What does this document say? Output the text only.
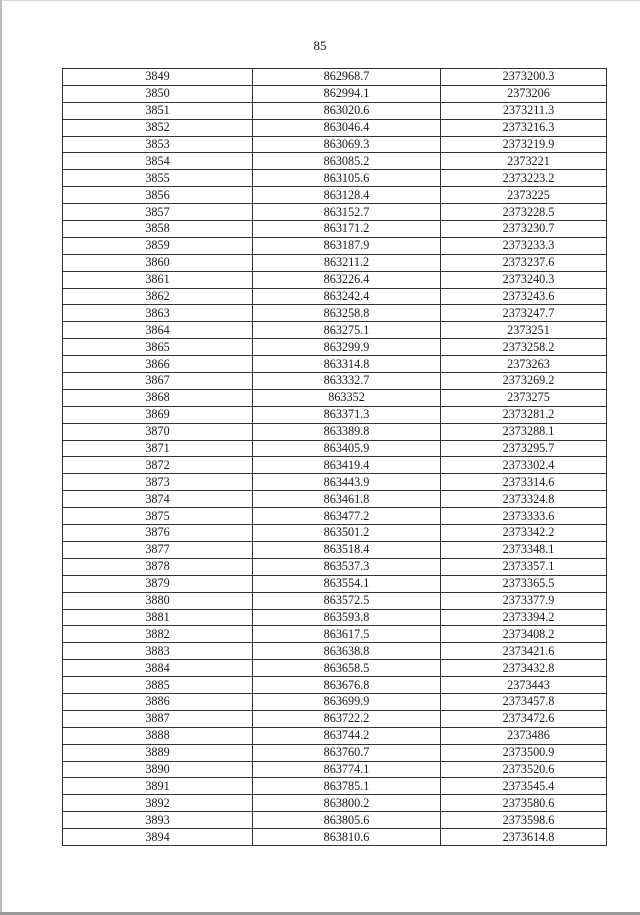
85
3849	862968.7	2373200.3
3850	862994.1	2373206
3851	863020.6	2373211.3
3852	863046.4	2373216.3
3853	863069.3	2373219.9
3854	863085.2	2373221
3855	863105.6	2373223.2
3856	863128.4	2373225
3857	863152.7	2373228.5
3858	863171.2	2373230.7
3859	863187.9	2373233.3
3860	863211.2	2373237.6
3861	863226.4	2373240.3
3862	863242.4	2373243.6
3863	863258.8	2373247.7
3864	863275.1	2373251
3865	863299.9	2373258.2
3866	863314.8	2373263
3867	863332.7	2373269.2
3868	863352	2373275
3869	863371.3	2373281.2
3870	863389.8	2373288.1
3871	863405.9	2373295.7
3872	863419.4	2373302.4
3873	863443.9	2373314.6
3874	863461.8	2373324.8
3875	863477.2	2373333.6
3876	863501.2	2373342.2
3877	863518.4	2373348.1
3878	863537.3	2373357.1
3879	863554.1	2373365.5
3880	863572.5	2373377.9
3881	863593.8	2373394.2
3882	863617.5	2373408.2
3883	863638.8	2373421.6
3884	863658.5	2373432.8
3885	863676.8	2373443
3886	863699.9	2373457.8
3887	863722.2	2373472.6
3888	863744.2	2373486
3889	863760.7	2373500.9
3890	863774.1	2373520.6
3891	863785.1	2373545.4
3892	863800.2	2373580.6
3893	863805.6	2373598.6
3894	863810.6	2373614.8
